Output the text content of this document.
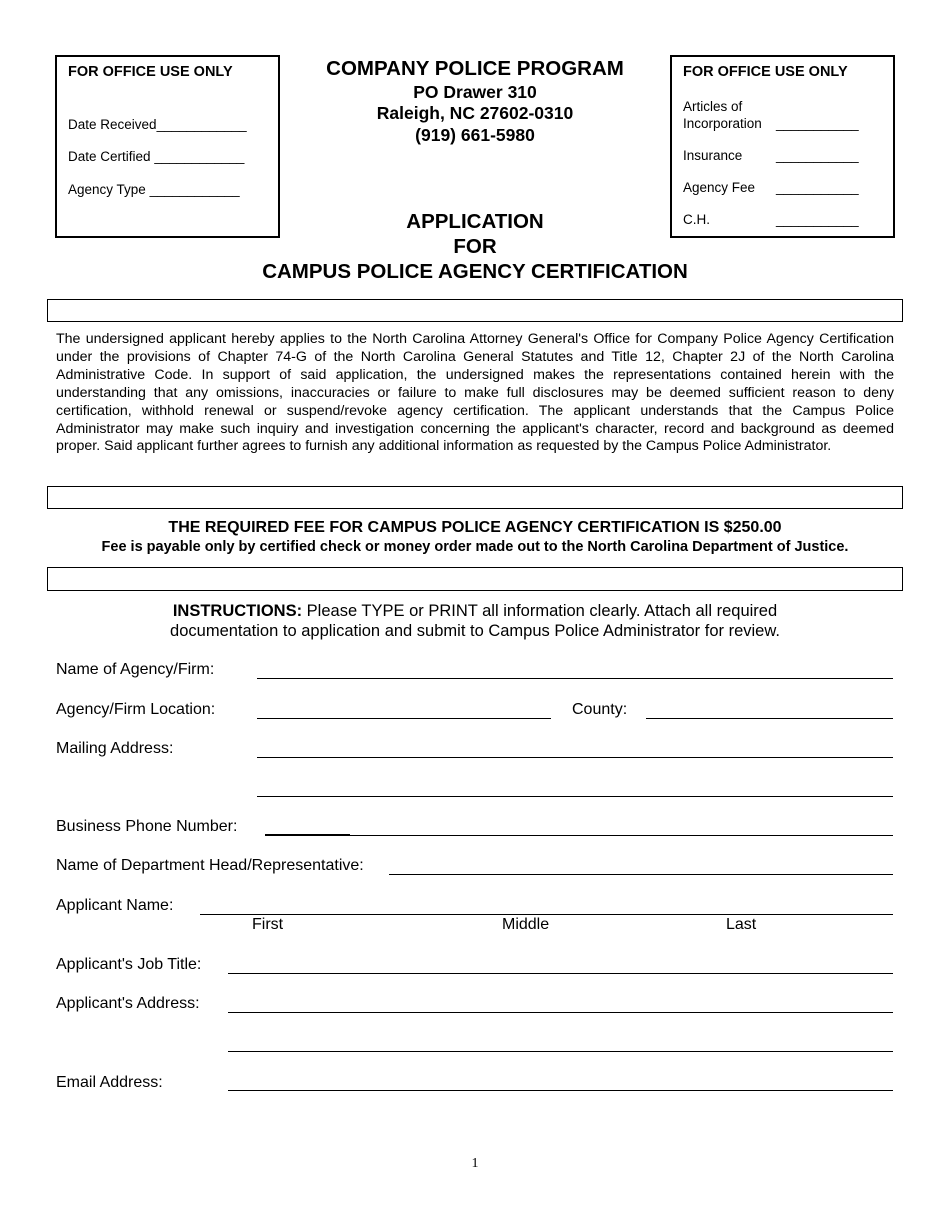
FOR OFFICE USE ONLY
Date Received____________
Date Certified ____________
Agency Type ____________
FOR OFFICE USE ONLY
Articles of
Incorporation ___________
Insurance ___________
Agency Fee ___________
C.H.	___________
COMPANY POLICE PROGRAM
PO Drawer 310
Raleigh, NC 27602-0310
(919) 661-5980
APPLICATION
FOR
CAMPUS POLICE AGENCY CERTIFICATION
The undersigned applicant hereby applies to the North Carolina Attorney General's Office for Company Police Agency Certification under the provisions of Chapter 74-G of the North Carolina General Statutes and Title 12, Chapter 2J of the North Carolina Administrative Code. In support of said application, the undersigned makes the representations contained herein with the understanding that any omissions, inaccuracies or failure to make full disclosures may be deemed sufficient reason to deny certification, withhold renewal or suspend/revoke agency certification. The applicant understands that the Campus Police Administrator may make such inquiry and investigation concerning the applicant's character, record and background as deemed proper. Said applicant further agrees to furnish any additional information as requested by the Campus Police Administrator.
THE REQUIRED FEE FOR CAMPUS POLICE AGENCY CERTIFICATION IS $250.00
Fee is payable only by certified check or money order made out to the North Carolina Department of Justice.
INSTRUCTIONS: Please TYPE or PRINT all information clearly. Attach all required
documentation to application and submit to Campus Police Administrator for review.
Name of Agency/Firm:
Agency/Firm Location:	County:
Mailing Address:
Business Phone Number:
Name of Department Head/Representative:
Applicant Name:
First	Middle	Last
Applicant's Job Title:
Applicant's Address:
Email Address:
1
